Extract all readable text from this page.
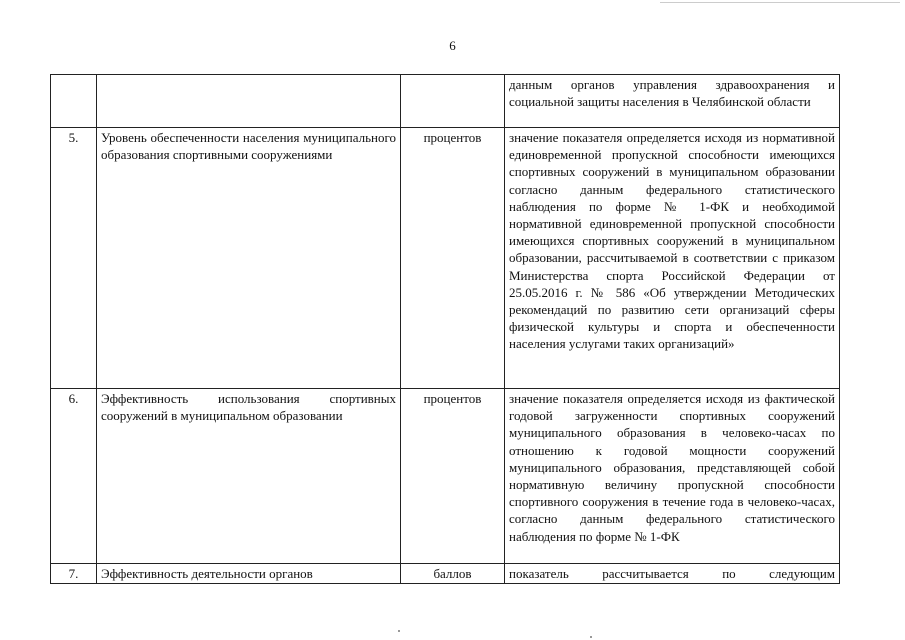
6
			данным органов управления здравоохранения и социальной защиты населения в Челябинской области
5.	Уровень обеспеченности населения муниципального образования спортивными сооружениями	процентов	значение показателя определяется исходя из нормативной единовременной пропускной способности имеющихся спортивных сооружений в муниципальном образовании согласно данным федерального статистического наблюдения по форме № 1-ФК и необходимой нормативной единовременной пропускной способности имеющихся спортивных сооружений в муниципальном образовании, рассчитываемой в соответствии с приказом Министерства спорта Российской Федерации от 25.05.2016 г. № 586 «Об утверждении Методических рекомендаций по развитию сети организаций сферы физической культуры и спорта и обеспеченности населения услугами таких организаций»
6.	Эффективность использования спортивных сооружений в муниципальном образовании	процентов	значение показателя определяется исходя из фактической годовой загруженности спортивных сооружений муниципального образования в человеко-часах по отношению к годовой мощности сооружений муниципального образования, представляющей собой нормативную величину пропускной способности спортивного сооружения в течение года в человеко-часах, согласно данным федерального статистического наблюдения по форме № 1-ФК

7.	Эффективность деятельности органов	баллов	показатель рассчитывается по следующим
